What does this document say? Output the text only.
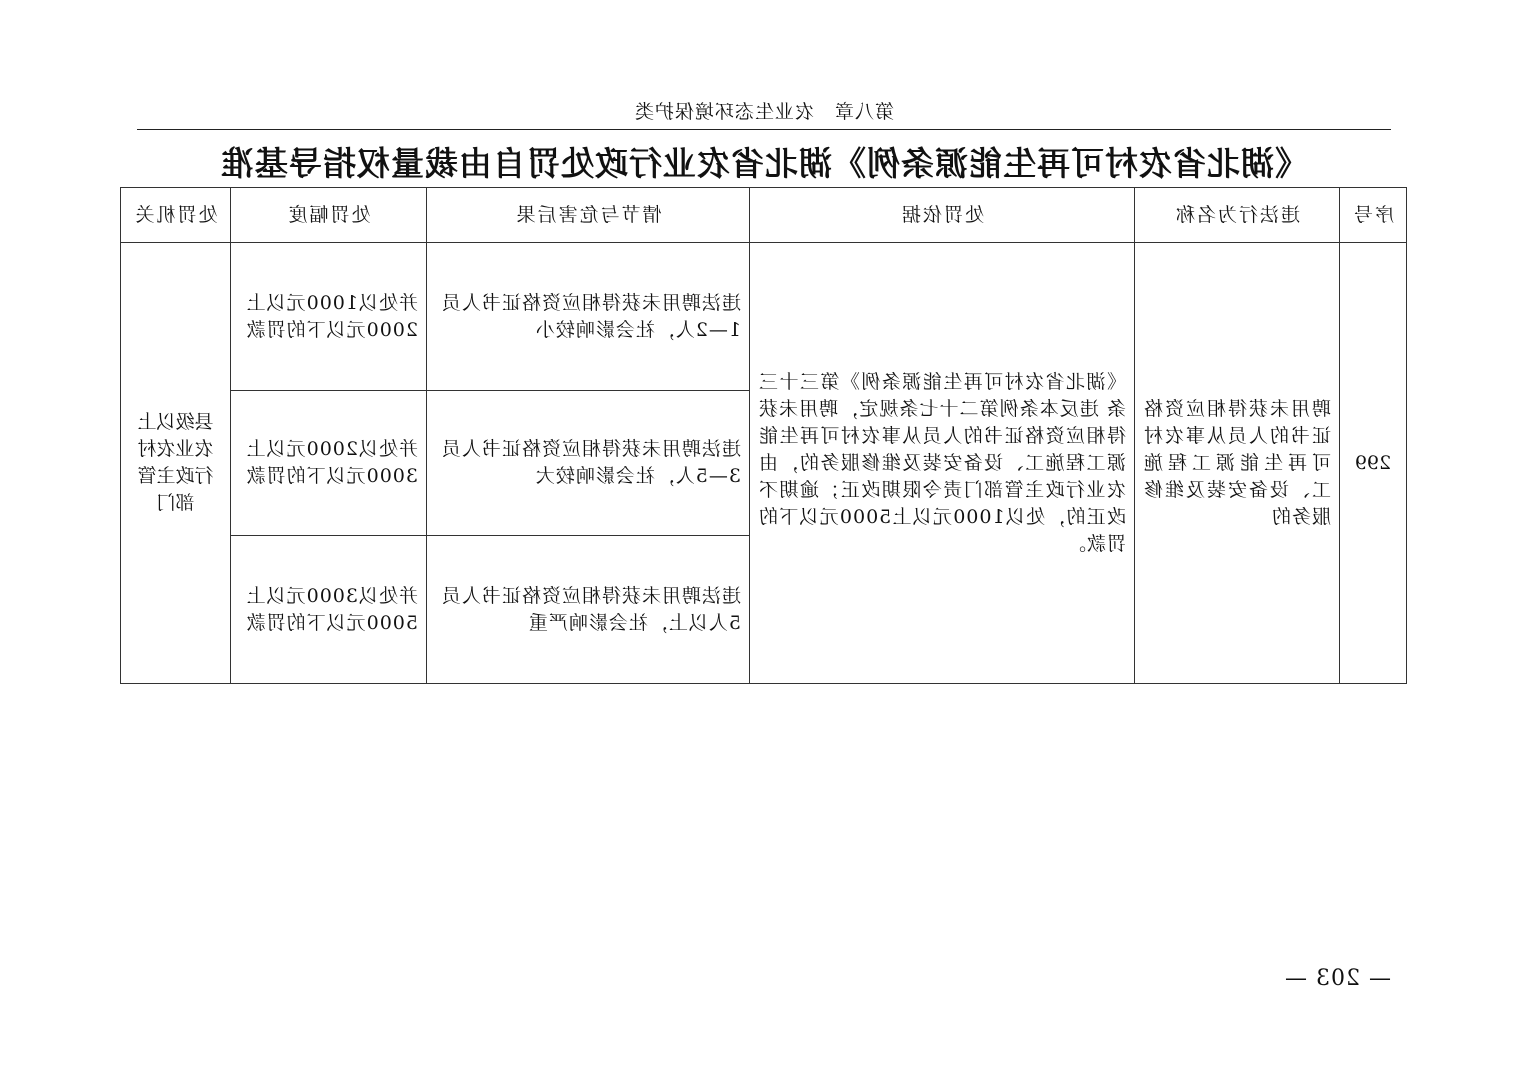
第八章　农业生态环境保护类
《湖北省农村可再生能源条例》湖北省农业行政处罚自由裁量权指导基准
序号	违法行为名称	处罚依据	情节与危害后果	处罚幅度	处罚机关
299	聘用未获得相应资格证书的人员从事农村可再生能源工程施工、设备安装及维修服务的	《湖北省农村可再生能源条例》第三十三条 违反本条例第二十七条规定，聘用未获得相应资格证书的人员从事农村可再生能源工程施工、设备安装及维修服务的，由农业行政主管部门责令限期改正；逾期不改正的，处以1000元以上5000元以下的罚款。	违法聘用未获得相应资格证书人员1—2人，社会影响较小	并处以1000元以上2000元以下的罚款	县级以上农业农村行政主管部门
			违法聘用未获得相应资格证书人员3—5人，社会影响较大	并处以2000元以上3000元以下的罚款	
			违法聘用未获得相应资格证书人员5人以上，社会影响严重	并处以3000元以上5000元以下的罚款	
— 203 —
